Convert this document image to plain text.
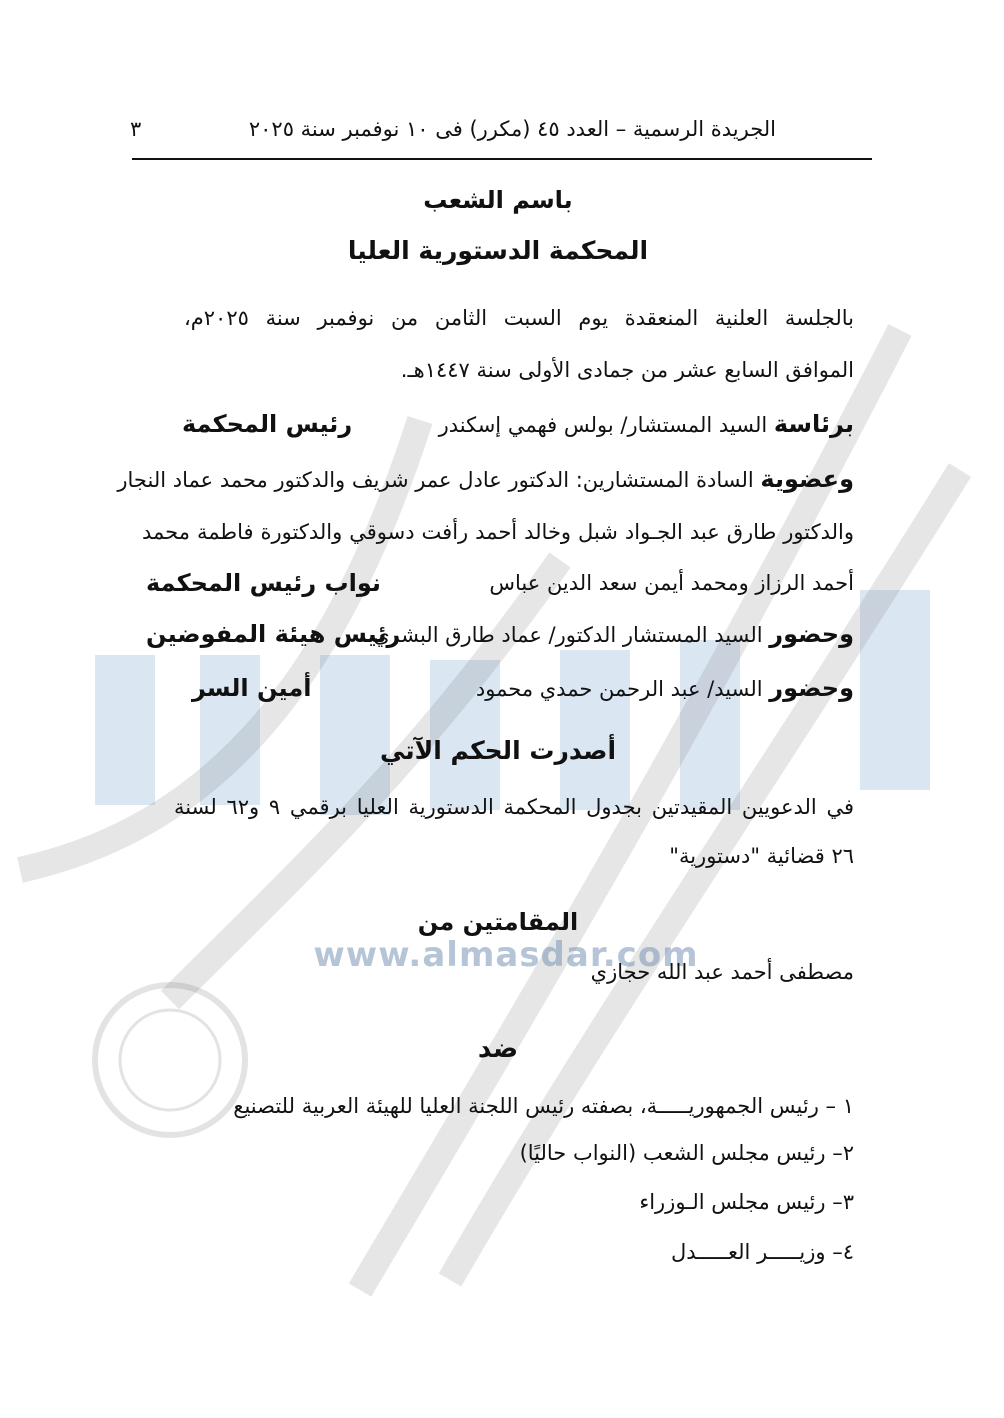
الجريدة الرسمية – العدد ٤٥ (مكرر) فى ١٠ نوفمبر سنة ٢٠٢٥
٣
باسم الشعب
المحكمة الدستورية العليا
بالجلسة العلنية المنعقدة يوم السبت الثامن من نوفمبر سنة ٢٠٢٥م،
الموافق السابع عشر من جمادى الأولى سنة ١٤٤٧هـ.
برئاسة السيد المستشار/ بولس فهمي إسكندر
رئيس المحكمة
وعضوية السادة المستشارين: الدكتور عادل عمر شريف والدكتور محمد عماد النجار
والدكتور طارق عبد الجـواد شبل وخالد أحمد رأفت دسوقي والدكتورة فاطمة محمد
أحمد الرزاز ومحمد أيمن سعد الدين عباس
نواب رئيس المحكمة
وحضور السيد المستشار الدكتور/ عماد طارق البشري
رئيس هيئة المفوضين
وحضور السيد/ عبد الرحمن حمدي محمود
أمين السر
أصدرت الحكم الآتي
في الدعويين المقيدتين بجدول المحكمة الدستورية العليا برقمي ٩ و٦٢ لسنة
٢٦ قضائية "دستورية"
المقامتين من
www.almasdar.com
مصطفى أحمد عبد الله حجازي
ضد
١ – رئيس الجمهوريـــــة، بصفته رئيس اللجنة العليا للهيئة العربية للتصنيع
٢– رئيس مجلس الشعب (النواب حاليًا)
٣– رئيس مجلس الـوزراء
٤– وزيـــــر العـــــدل
